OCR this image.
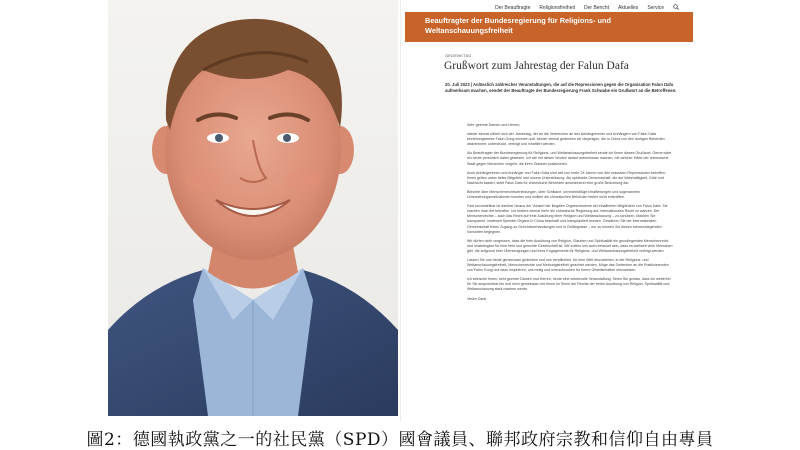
Der Beauftragte Religionsfreiheit Der Bericht Aktuelles Service
Beauftragter der Bundesregierung für Religions- und Weltanschauungsfreiheit
GEDENKTAG
Grußwort zum Jahrestag der Falun Dafa
20. Juli 2023 | Anlässlich zahlreicher Veranstaltungen, die auf die Repressionen gegen die Organisation Falun Dafa aufmerksam machen, sendet der Beauftragte der Bundesregierung Frank Schwabe ein Grußwort an die Betroffenen.

Sehr geehrte Damen und Herren,

wieder einmal nähert sich der Jahrestag, der an die Verbrechen an den Anhängerinnen und Anhängern von Falun Dafa beziehungsweise Falun Gong erinnern soll, wieder einmal gedenken wir derjenigen, die in China von den dortigen Behörden diskriminiert, unterdrückt, verfolgt und inhaftiert werden.

Als Beauftragter der Bundesregierung für Religions- und Weltanschauungsfreiheit sende ich Ihnen dieses Grußwort. Gerne wäre ich heute persönlich dabei gewesen. Ich will mit diesen Worten darauf aufmerksam machen, mit welcher Härte der chinesische Staat gegen Menschen vorgeht, die ihren Glauben praktizieren.

Auch Anhängerinnen und Anhänger von Falun Dafa sind seit nun mehr 24 Jahren von den massiven Repressionen betroffen. Ihnen gelten unser tiefes Mitgefühl und unsere Unterstützung. Als spirituelle Gemeinschaft, die auf Wahrhaftigkeit, Güte und Nachsicht basiert, stellt Falun Dafa für chinesische Behörden anscheinend eine große Bedrohung dar.

Berichte über Menschenrechtsverletzungen, über Schikane, unrechtmäßige Inhaftierungen und sogenannten Umerziehungsmaßnahmen konnten und wollten die chinesischen Behörden bisher nicht entkräften.

Fast unvorstellbar ist darüber hinaus der Vorwurf der illegalen Organentnahme bei inhaftierten Mitgliedern von Falun Dafa. Sie machen mich tief betroffen. Ich fordere einmal mehr die chinesische Regierung auf, internationales Recht zu wahren. Der Menschenrechte – auch das Recht auf freie Ausübung einer Religion und Weltanschauung – zu schützen. Machen Sie transparent, inwieweit Spender-Organe in China beschafft und transplantiert wurden. Gewähren Sie der internationalen Gemeinschaft freien Zugang zu Gerichtsverhandlungen und in Gefängnisse – nur so können Sie diesen schwerwiegenden Vorwürfen begegnen.

Wir dürfen nicht vergessen, dass die freie Ausübung von Religion, Glauben und Spiritualität ein grundlegendes Menschenrecht und unabdingbar für eine freie und gerechte Gesellschaft ist. Wir sollten uns auch bewusst sein, dass es weltweit viele Menschen gibt, die aufgrund ihrer Überzeugungen und ihres Engagements für Religions- und Weltanschauungsfreiheit verfolgt werden.

Lassen Sie uns heute gemeinsam gedenken und uns verpflichten, für eine Welt einzustehen, in der Religions- und Weltanschauungsfreiheit, Menschenrechte und Meinungsfreiheit geachtet werden. Möge das Gedenken an die Praktizierenden von Falun Gong uns dazu inspirieren, uns mutig und unerschrocken für Ihrere Gesellschaften einzusetzen.

Ich wünsche Ihnen, sehr geehrte Damen und Herren, heute eine würdevolle Veranstaltung. Seien Sie gewiss, dass ich weiterhin für Sie ansprechbar bin und mich gemeinsam mit Ihnen im Sinne der Rechte der freien Ausübung von Religion, Spiritualität und Weltanschauung stark machen werde.

Vielen Dank

圖2：德國執政黨之一的社民黨（SPD）國會議員、聯邦政府宗教和信仰自由專員
